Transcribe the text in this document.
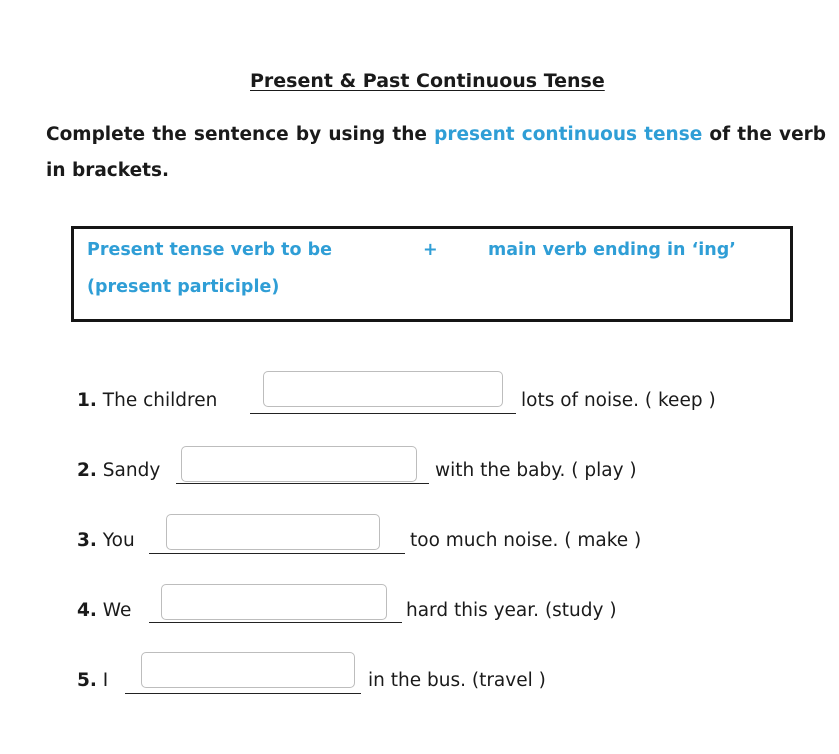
Present & Past Continuous Tense
Complete the sentence by using the present continuous tense of the verb in brackets.
Present tense verb to be	+	main verb ending in ‘ing’
(present participle)
1. The children	lots of noise. ( keep )
2. Sandy	with the baby. ( play )
3. You	too much noise. ( make )
4. We	hard this year. (study )
5. I	in the bus. (travel )
